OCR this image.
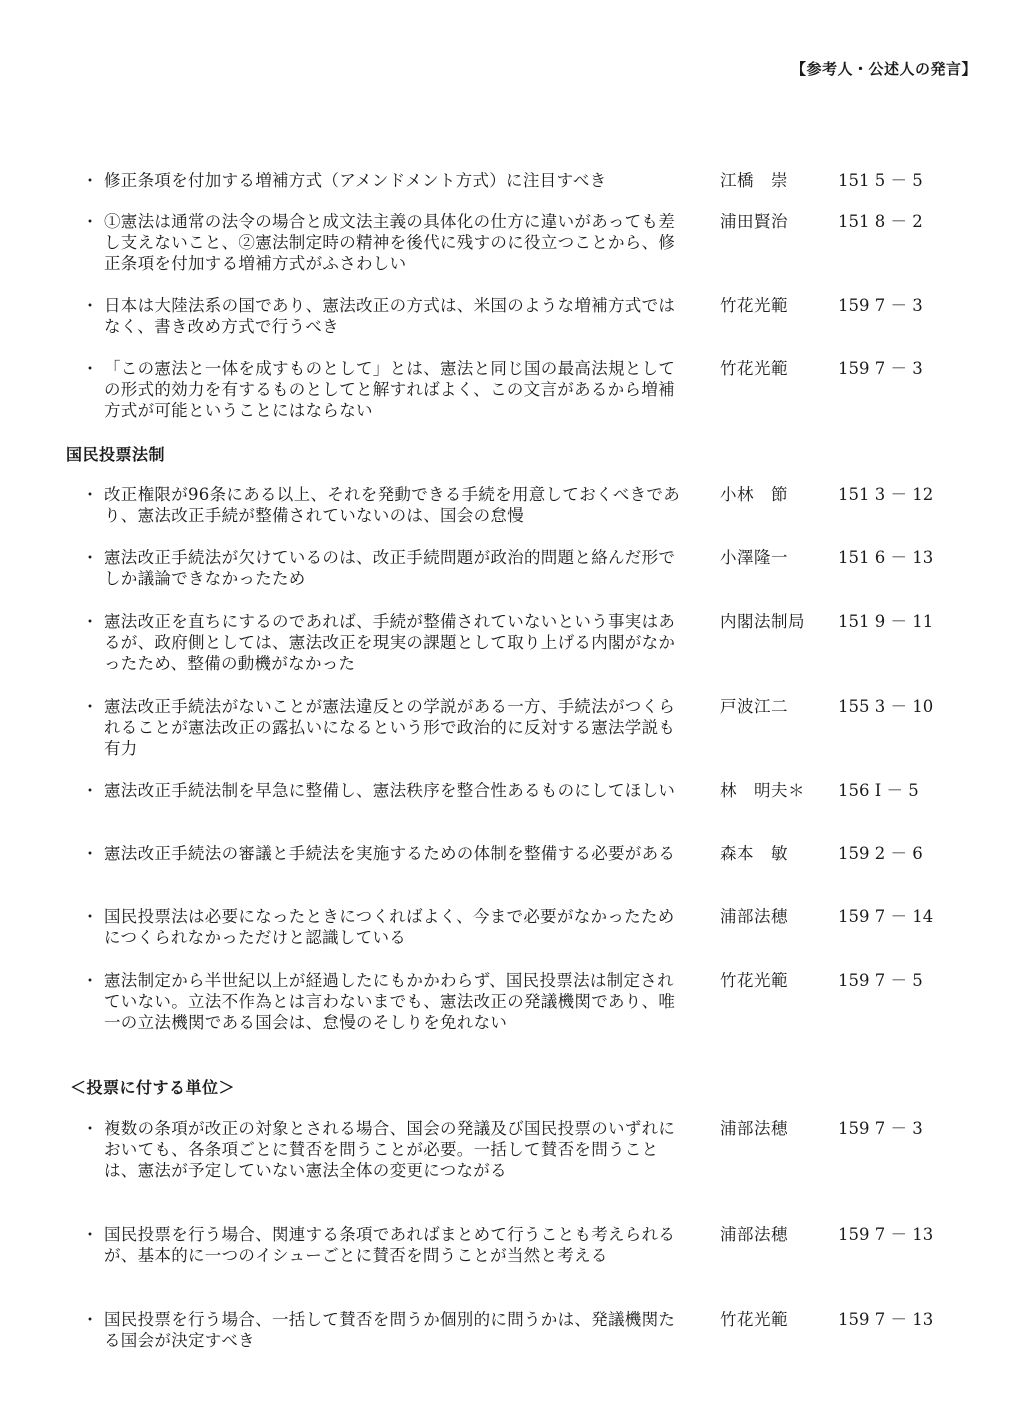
【参考人・公述人の発言】
・ 修正条項を付加する増補方式（アメンドメント方式）に注目すべき	江橋　崇	151 5 － 5
・ ①憲法は通常の法令の場合と成文法主義の具体化の仕方に違いがあっても差し支えないこと、②憲法制定時の精神を後代に残すのに役立つことから、修正条項を付加する増補方式がふさわしい
浦田賢治	151 8 － 2
・ 日本は大陸法系の国であり、憲法改正の方式は、米国のような増補方式ではなく、書き改め方式で行うべき
竹花光範	159 7 － 3
・ 「この憲法と一体を成すものとして」とは、憲法と同じ国の最高法規としての形式的効力を有するものとしてと解すればよく、この文言があるから増補方式が可能ということにはならない
竹花光範	159 7 － 3
国民投票法制
・ 改正権限が96条にある以上、それを発動できる手続を用意しておくべきであり、憲法改正手続が整備されていないのは、国会の怠慢
小林　節	151 3 － 12
・ 憲法改正手続法が欠けているのは、改正手続問題が政治的問題と絡んだ形でしか議論できなかったため
小澤隆一	151 6 － 13
・ 憲法改正を直ちにするのであれば、手続が整備されていないという事実はあるが、政府側としては、憲法改正を現実の課題として取り上げる内閣がなかったため、整備の動機がなかった
内閣法制局	151 9 － 11
・ 憲法改正手続法がないことが憲法違反との学説がある一方、手続法がつくられることが憲法改正の露払いになるという形で政治的に反対する憲法学説も有力
戸波江二	155 3 － 10
・ 憲法改正手続法制を早急に整備し、憲法秩序を整合性あるものにしてほしい	林　明夫＊	156 Ⅰ － 5
・ 憲法改正手続法の審議と手続法を実施するための体制を整備する必要がある	森本　敏	159 2 － 6
・ 国民投票法は必要になったときにつくればよく、今まで必要がなかったためにつくられなかっただけと認識している
浦部法穂	159 7 － 14
・ 憲法制定から半世紀以上が経過したにもかかわらず、国民投票法は制定されていない。立法不作為とは言わないまでも、憲法改正の発議機関であり、唯一の立法機関である国会は、怠慢のそしりを免れない
竹花光範	159 7 － 5
＜投票に付する単位＞
・ 複数の条項が改正の対象とされる場合、国会の発議及び国民投票のいずれにおいても、各条項ごとに賛否を問うことが必要。一括して賛否を問うことは、憲法が予定していない憲法全体の変更につながる
浦部法穂	159 7 － 3
・ 国民投票を行う場合、関連する条項であればまとめて行うことも考えられるが、基本的に一つのイシューごとに賛否を問うことが当然と考える
浦部法穂	159 7 － 13
・ 国民投票を行う場合、一括して賛否を問うか個別的に問うかは、発議機関たる国会が決定すべき
竹花光範	159 7 － 13
